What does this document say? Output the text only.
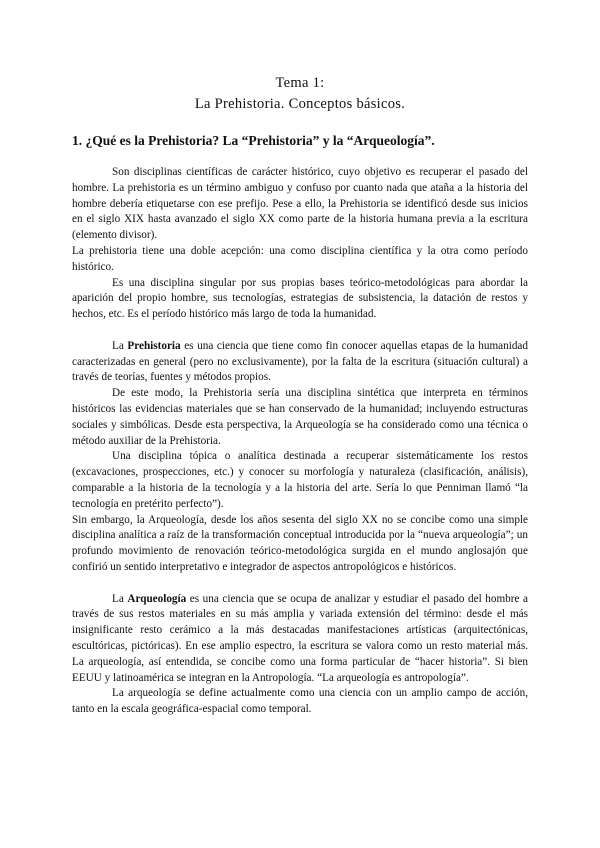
Tema 1:
La Prehistoria. Conceptos básicos.
1. ¿Qué es la Prehistoria? La “Prehistoria” y la “Arqueología”.

Son disciplinas científicas de carácter histórico, cuyo objetivo es recuperar el pasado del hombre. La prehistoria es un término ambiguo y confuso por cuanto nada que ataña a la historia del hombre debería etiquetarse con ese prefijo. Pese a ello, la Prehistoria se identificó desde sus inicios en el siglo XIX hasta avanzado el siglo XX como parte de la historia humana previa a la escritura (elemento divisor).

La prehistoria tiene una doble acepción: una como disciplina científica y la otra como período histórico.

Es una disciplina singular por sus propias bases teórico-metodológicas para abordar la aparición del propio hombre, sus tecnologías, estrategias de subsistencia, la datación de restos y hechos, etc. Es el período histórico más largo de toda la humanidad.

La Prehistoria es una ciencia que tiene como fin conocer aquellas etapas de la humanidad caracterizadas en general (pero no exclusivamente), por la falta de la escritura (situación cultural) a través de teorías, fuentes y métodos propios.

De este modo, la Prehistoria sería una disciplina sintética que interpreta en términos históricos las evidencias materiales que se han conservado de la humanidad; incluyendo estructuras sociales y simbólicas. Desde esta perspectiva, la Arqueología se ha considerado como una técnica o método auxiliar de la Prehistoria.

Una disciplina tópica o analítica destinada a recuperar sistemáticamente los restos (excavaciones, prospecciones, etc.) y conocer su morfología y naturaleza (clasificación, análisis), comparable a la historia de la tecnología y a la historia del arte. Sería lo que Penniman llamó “la tecnología en pretérito perfecto”).

Sin embargo, la Arqueología, desde los años sesenta del siglo XX no se concibe como una simple disciplina analítica a raíz de la transformación conceptual introducida por la “nueva arqueología”; un profundo movimiento de renovación teórico-metodológica surgida en el mundo anglosajón que confirió un sentido interpretativo e integrador de aspectos antropológicos e históricos.

La Arqueología es una ciencia que se ocupa de analizar y estudiar el pasado del hombre a través de sus restos materiales en su más amplia y variada extensión del término: desde el más insignificante resto cerámico a la más destacadas manifestaciones artísticas (arquitectónicas, escultóricas, pictóricas). En ese amplio espectro, la escritura se valora como un resto material más. La arqueología, así entendida, se concibe como una forma particular de “hacer historia”. Si bien EEUU y latinoamérica se integran en la Antropología. “La arqueología es antropología”.

La arqueología se define actualmente como una ciencia con un amplio campo de acción, tanto en la escala geográfica-espacial como temporal.
